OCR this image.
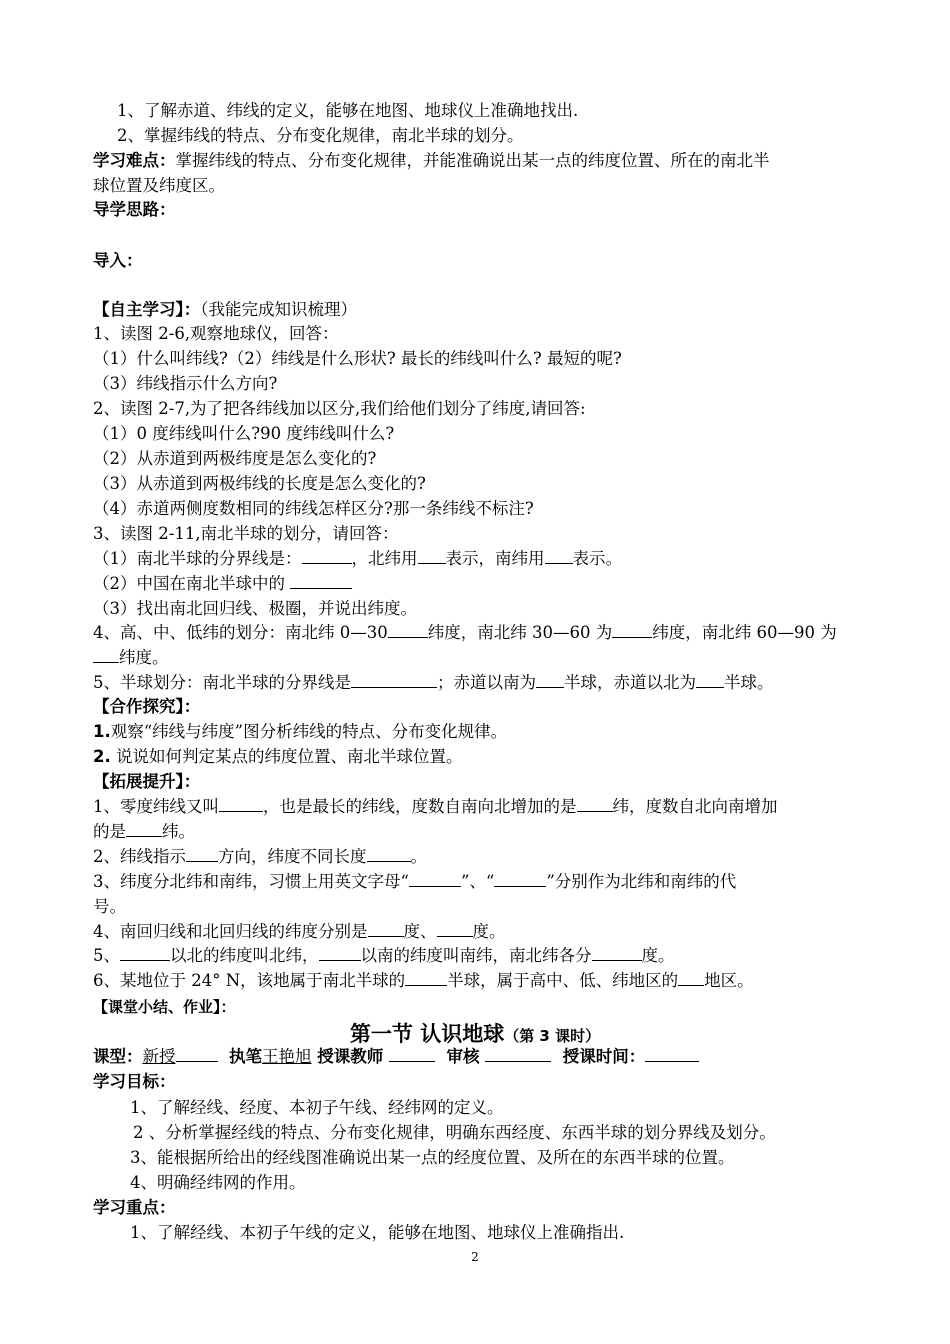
1、了解赤道、纬线的定义，能够在地图、地球仪上准确地找出.
2、掌握纬线的特点、分布变化规律，南北半球的划分。
学习难点：掌握纬线的特点、分布变化规律，并能准确说出某一点的纬度位置、所在的南北半
球位置及纬度区。
导学思路：
导入：
【自主学习】：（我能完成知识梳理）
1、读图 2-6,观察地球仪，回答：
（1）什么叫纬线?（2）纬线是什么形状? 最长的纬线叫什么? 最短的呢?
（3）纬线指示什么方向?
2、读图 2-7,为了把各纬线加以区分,我们给他们划分了纬度,请回答:
（1）0 度纬线叫什么?90 度纬线叫什么?
（2）从赤道到两极纬度是怎么变化的?
（3）从赤道到两极纬线的长度是怎么变化的?
（4）赤道两侧度数相同的纬线怎样区分?那一条纬线不标注?
3、读图 2-11,南北半球的划分，请回答：
（1）南北半球的分界线是：	，北纬用 表示，南纬用 表示。
（2）中国在南北半球中的
（3）找出南北回归线、极圈，并说出纬度。
4、高、中、低纬的划分：南北纬 0—30 纬度，南北纬 30—60 为 纬度，南北纬 60—90 为
纬度。
5、半球划分：南北半球的分界线是	；赤道以南为 半球，赤道以北为 半球。
【合作探究】：
1.观察“纬线与纬度”图分析纬线的特点、分布变化规律。
2. 说说如何判定某点的纬度位置、南北半球位置。
【拓展提升】：
1、零度纬线又叫	，也是最长的纬线，度数自南向北增加的是 纬，度数自北向南增加
的是 纬。
2、纬线指示 方向，纬度不同长度	。
3、纬度分北纬和南纬，习惯上用英文字母“	”、“	”分别作为北纬和南纬的代
号。
4、南回归线和北回归线的纬度分别是 度、 度。
5、	以北的纬度叫北纬，	以南的纬度叫南纬，南北纬各分	度。
6、某地位于 24° N，该地属于南北半球的	半球，属于高中、低、纬地区的 地区。
【课堂小结、作业】：
第一节 认识地球（第 3 课时）
课型：新授	执笔王艳旭 授课教师	审核	授课时间：
学习目标：
1、了解经线、经度、本初子午线、经纬网的定义。
2 、分析掌握经线的特点、分布变化规律，明确东西经度、东西半球的划分界线及划分。
3、能根据所给出的经线图准确说出某一点的经度位置、及所在的东西半球的位置。
4、明确经纬网的作用。
学习重点：
1、了解经线、本初子午线的定义，能够在地图、地球仪上准确指出.
2
